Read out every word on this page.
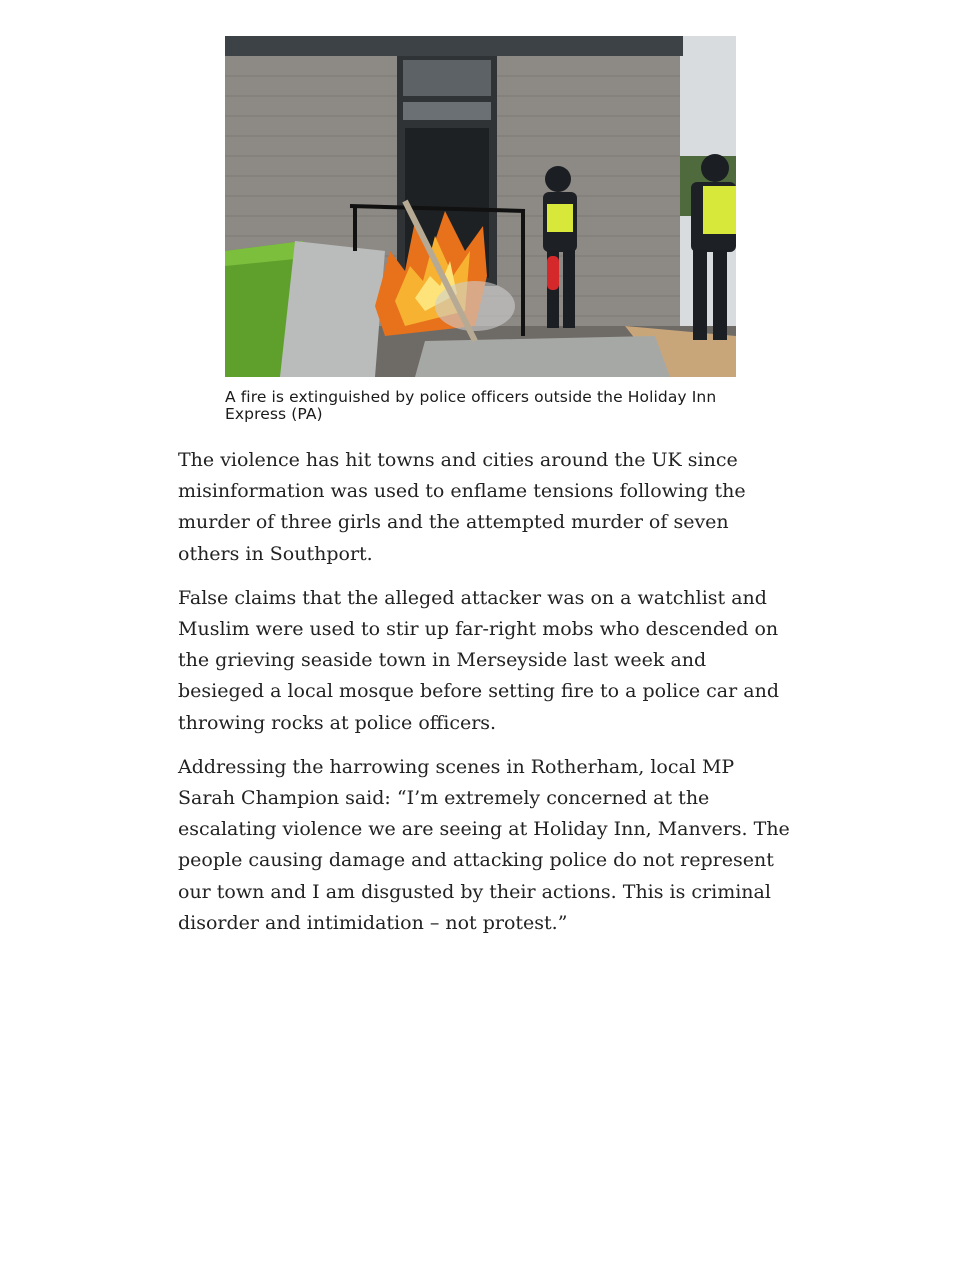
A fire is extinguished by police officers outside the Holiday Inn Express (PA)

The violence has hit towns and cities around the UK since misinformation was used to enflame tensions following the murder of three girls and the attempted murder of seven others in Southport.

False claims that the alleged attacker was on a watchlist and Muslim were used to stir up far-right mobs who descended on the grieving seaside town in Merseyside last week and besieged a local mosque before setting fire to a police car and throwing rocks at police officers.

Addressing the harrowing scenes in Rotherham, local MP Sarah Champion said: “I’m extremely concerned at the escalating violence we are seeing at Holiday Inn, Manvers. The people causing damage and attacking police do not represent our town and I am disgusted by their actions. This is criminal disorder and intimidation – not protest.”
